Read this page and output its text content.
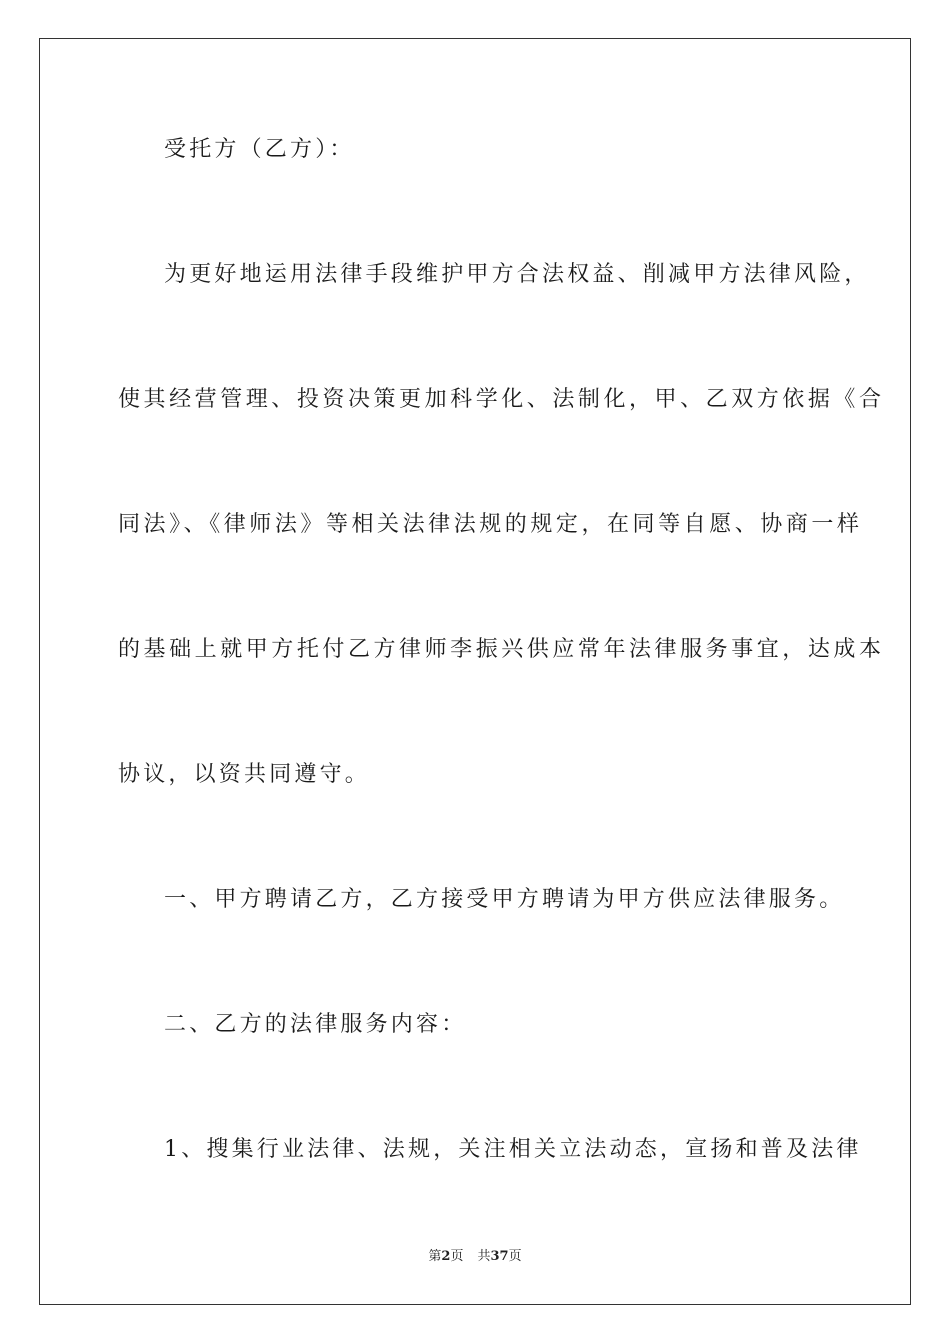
受托方（乙方）：
为更好地运用法律手段维护甲方合法权益、削减甲方法律风险，
使其经营管理、投资决策更加科学化、法制化，甲、乙双方依据《合
同法》、《律师法》等相关法律法规的规定，在同等自愿、协商一样
的基础上就甲方托付乙方律师李振兴供应常年法律服务事宜，达成本
协议，以资共同遵守。
一、甲方聘请乙方，乙方接受甲方聘请为甲方供应法律服务。
二、乙方的法律服务内容：
1、搜集行业法律、法规，关注相关立法动态，宣扬和普及法律
第2页 共37页
